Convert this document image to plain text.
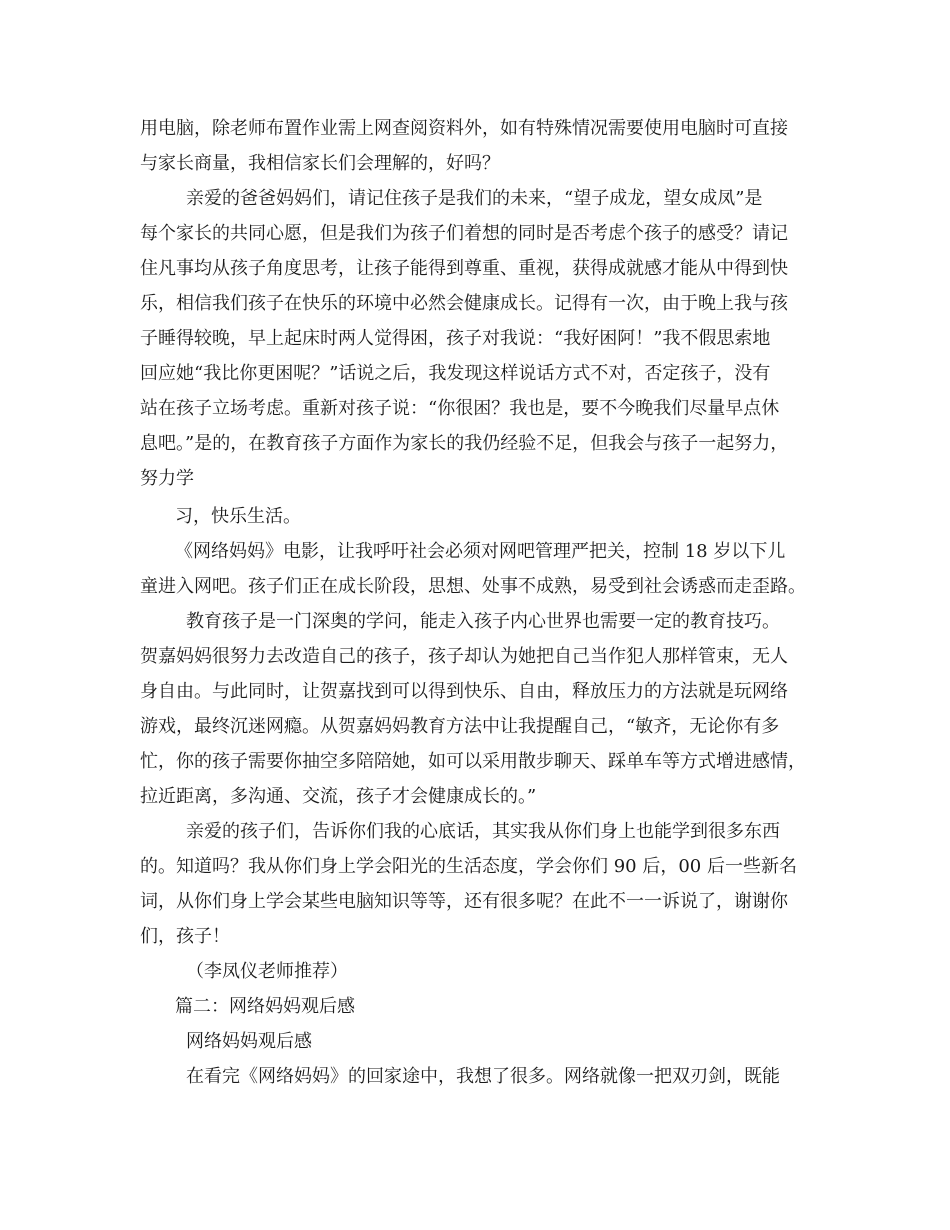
用电脑，除老师布置作业需上网查阅资料外，如有特殊情况需要使用电脑时可直接
与家长商量，我相信家长们会理解的，好吗？
亲爱的爸爸妈妈们，请记住孩子是我们的未来，“望子成龙，望女成凤”是
每个家长的共同心愿，但是我们为孩子们着想的同时是否考虑个孩子的感受？请记
住凡事均从孩子角度思考，让孩子能得到尊重、重视，获得成就感才能从中得到快
乐，相信我们孩子在快乐的环境中必然会健康成长。记得有一次，由于晚上我与孩
子睡得较晚，早上起床时两人觉得困，孩子对我说：“我好困阿！”我不假思索地
回应她“我比你更困呢？”话说之后，我发现这样说话方式不对，否定孩子，没有
站在孩子立场考虑。重新对孩子说：“你很困？我也是，要不今晚我们尽量早点休
息吧。”是的，在教育孩子方面作为家长的我仍经验不足，但我会与孩子一起努力，
努力学
习，快乐生活。
《网络妈妈》电影，让我呼吁社会必须对网吧管理严把关，控制 18 岁以下儿
童进入网吧。孩子们正在成长阶段，思想、处事不成熟，易受到社会诱惑而走歪路。
教育孩子是一门深奥的学问，能走入孩子内心世界也需要一定的教育技巧。
贺嘉妈妈很努力去改造自己的孩子，孩子却认为她把自己当作犯人那样管束，无人
身自由。与此同时，让贺嘉找到可以得到快乐、自由，释放压力的方法就是玩网络
游戏，最终沉迷网瘾。从贺嘉妈妈教育方法中让我提醒自己，“敏齐，无论你有多
忙，你的孩子需要你抽空多陪陪她，如可以采用散步聊天、踩单车等方式增进感情，
拉近距离，多沟通、交流，孩子才会健康成长的。”
亲爱的孩子们，告诉你们我的心底话，其实我从你们身上也能学到很多东西
的。知道吗？我从你们身上学会阳光的生活态度，学会你们 90 后，00 后一些新名
词，从你们身上学会某些电脑知识等等，还有很多呢？在此不一一诉说了，谢谢你
们，孩子！
（李凤仪老师推荐）
篇二：网络妈妈观后感
网络妈妈观后感
在看完《网络妈妈》的回家途中，我想了很多。网络就像一把双刃剑，既能
